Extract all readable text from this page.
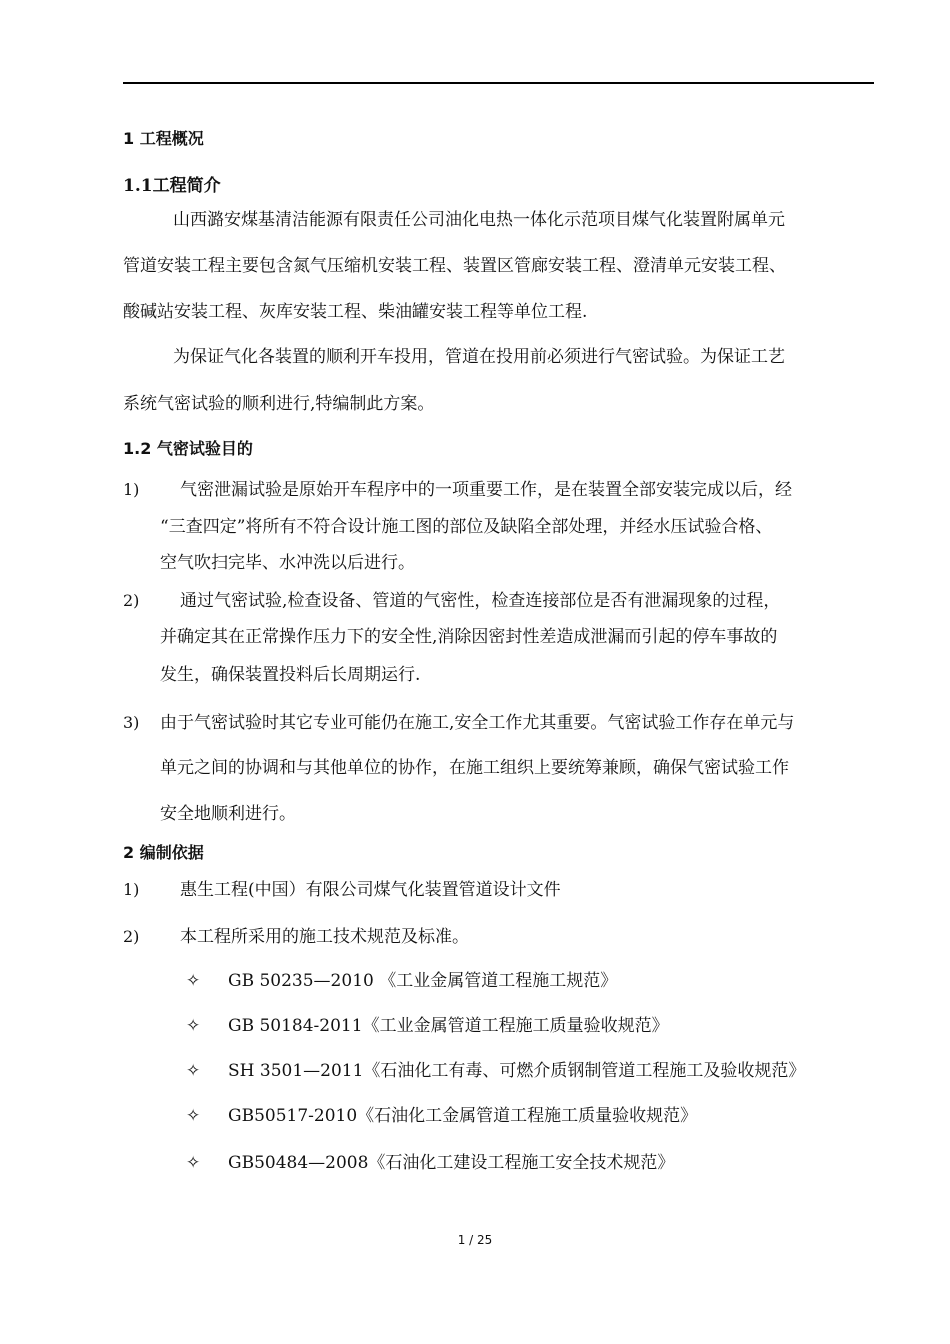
1 工程概况
1.1工程简介
山西潞安煤基清洁能源有限责任公司油化电热一体化示范项目煤气化装置附属单元
管道安装工程主要包含氮气压缩机安装工程、装置区管廊安装工程、澄清单元安装工程、
酸碱站安装工程、灰库安装工程、柴油罐安装工程等单位工程.
为保证气化各装置的顺利开车投用，管道在投用前必须进行气密试验。为保证工艺
系统气密试验的顺利进行,特编制此方案。
1.2 气密试验目的
1) 气密泄漏试验是原始开车程序中的一项重要工作，是在装置全部安装完成以后，经
“三查四定”将所有不符合设计施工图的部位及缺陷全部处理，并经水压试验合格、
空气吹扫完毕、水冲洗以后进行。
2) 通过气密试验,检查设备、管道的气密性，检查连接部位是否有泄漏现象的过程，
并确定其在正常操作压力下的安全性,消除因密封性差造成泄漏而引起的停车事故的
发生，确保装置投料后长周期运行.
3) 由于气密试验时其它专业可能仍在施工,安全工作尤其重要。气密试验工作存在单元与
单元之间的协调和与其他单位的协作，在施工组织上要统筹兼顾，确保气密试验工作
安全地顺利进行。
2 编制依据
1) 惠生工程(中国）有限公司煤气化装置管道设计文件
2) 本工程所采用的施工技术规范及标准。
✧ GB 50235—2010 《工业金属管道工程施工规范》
✧ GB 50184-2011《工业金属管道工程施工质量验收规范》
✧ SH 3501—2011《石油化工有毒、可燃介质钢制管道工程施工及验收规范》
✧ GB50517-2010《石油化工金属管道工程施工质量验收规范》
✧ GB50484—2008《石油化工建设工程施工安全技术规范》
1 / 25
